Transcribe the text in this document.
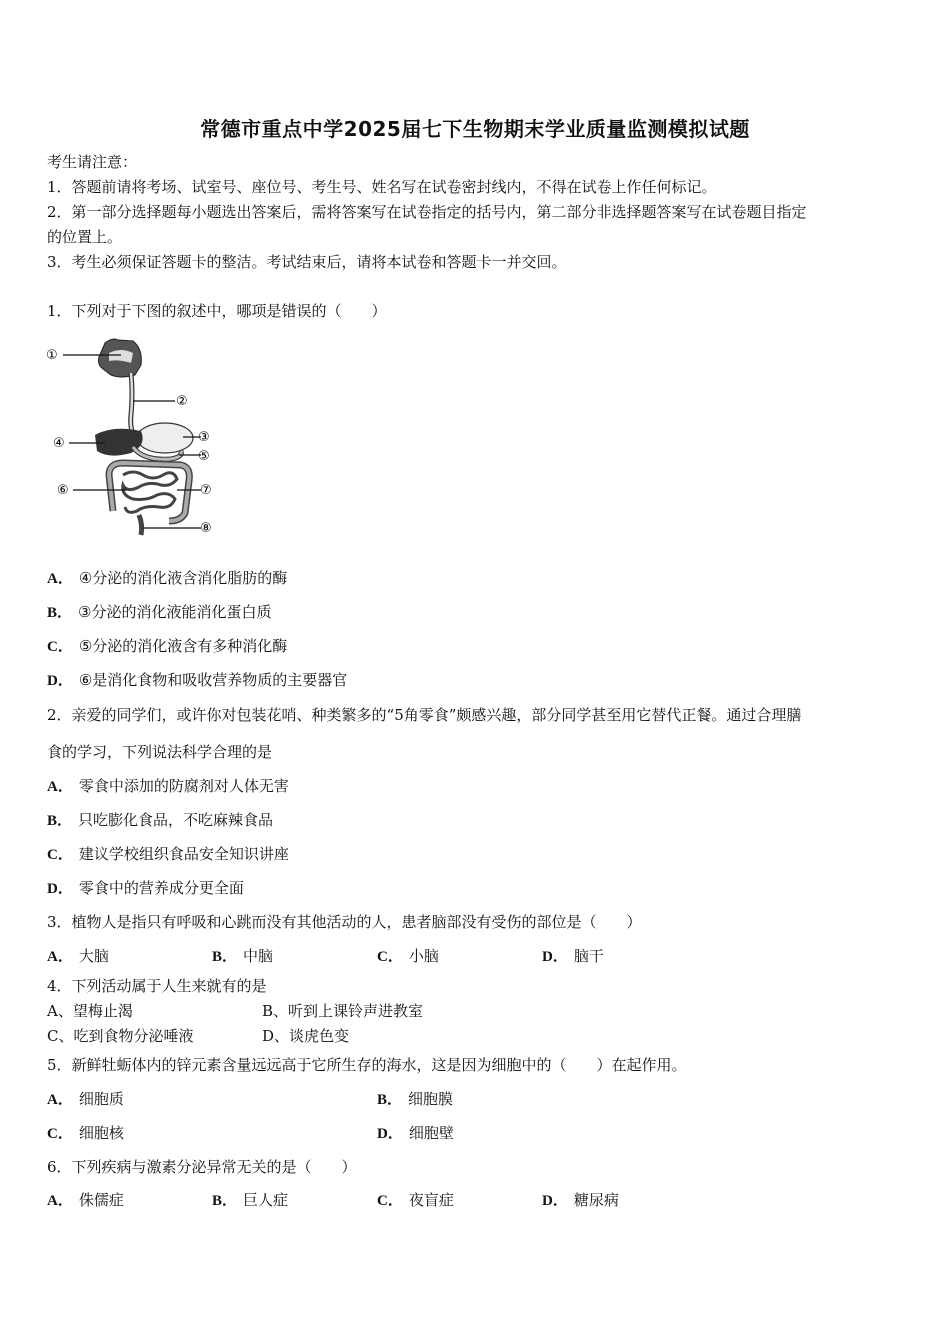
常德市重点中学2025届七下生物期末学业质量监测模拟试题
考生请注意：
1．答题前请将考场、试室号、座位号、考生号、姓名写在试卷密封线内，不得在试卷上作任何标记。
2．第一部分选择题每小题选出答案后，需将答案写在试卷指定的括号内，第二部分非选择题答案写在试卷题目指定
的位置上。
3．考生必须保证答题卡的整洁。考试结束后，请将本试卷和答题卡一并交回。
1．下列对于下图的叙述中，哪项是错误的（　　）
①
②
③
④
⑤
⑥	⑦
⑧
A． ④分泌的消化液含消化脂肪的酶
B． ③分泌的消化液能消化蛋白质
C． ⑤分泌的消化液含有多种消化酶
D． ⑥是消化食物和吸收营养物质的主要器官
2．亲爱的同学们，或许你对包装花哨、种类繁多的“5角零食”颇感兴趣，部分同学甚至用它替代正餐。通过合理膳
食的学习，下列说法科学合理的是
A． 零食中添加的防腐剂对人体无害
B． 只吃膨化食品，不吃麻辣食品
C． 建议学校组织食品安全知识讲座
D． 零食中的营养成分更全面
3．植物人是指只有呼吸和心跳而没有其他活动的人，患者脑部没有受伤的部位是（　　）
A． 大脑	B． 中脑	C． 小脑	D． 脑干
4．下列活动属于人生来就有的是
A、望梅止渴	B、听到上课铃声进教室
C、吃到食物分泌唾液	D、谈虎色变
5．新鲜牡蛎体内的锌元素含量远远高于它所生存的海水，这是因为细胞中的（　　）在起作用。
A． 细胞质	B． 细胞膜
C． 细胞核	D． 细胞壁
6．下列疾病与激素分泌异常无关的是（　　）
A． 侏儒症	B． 巨人症	C． 夜盲症	D． 糖尿病
